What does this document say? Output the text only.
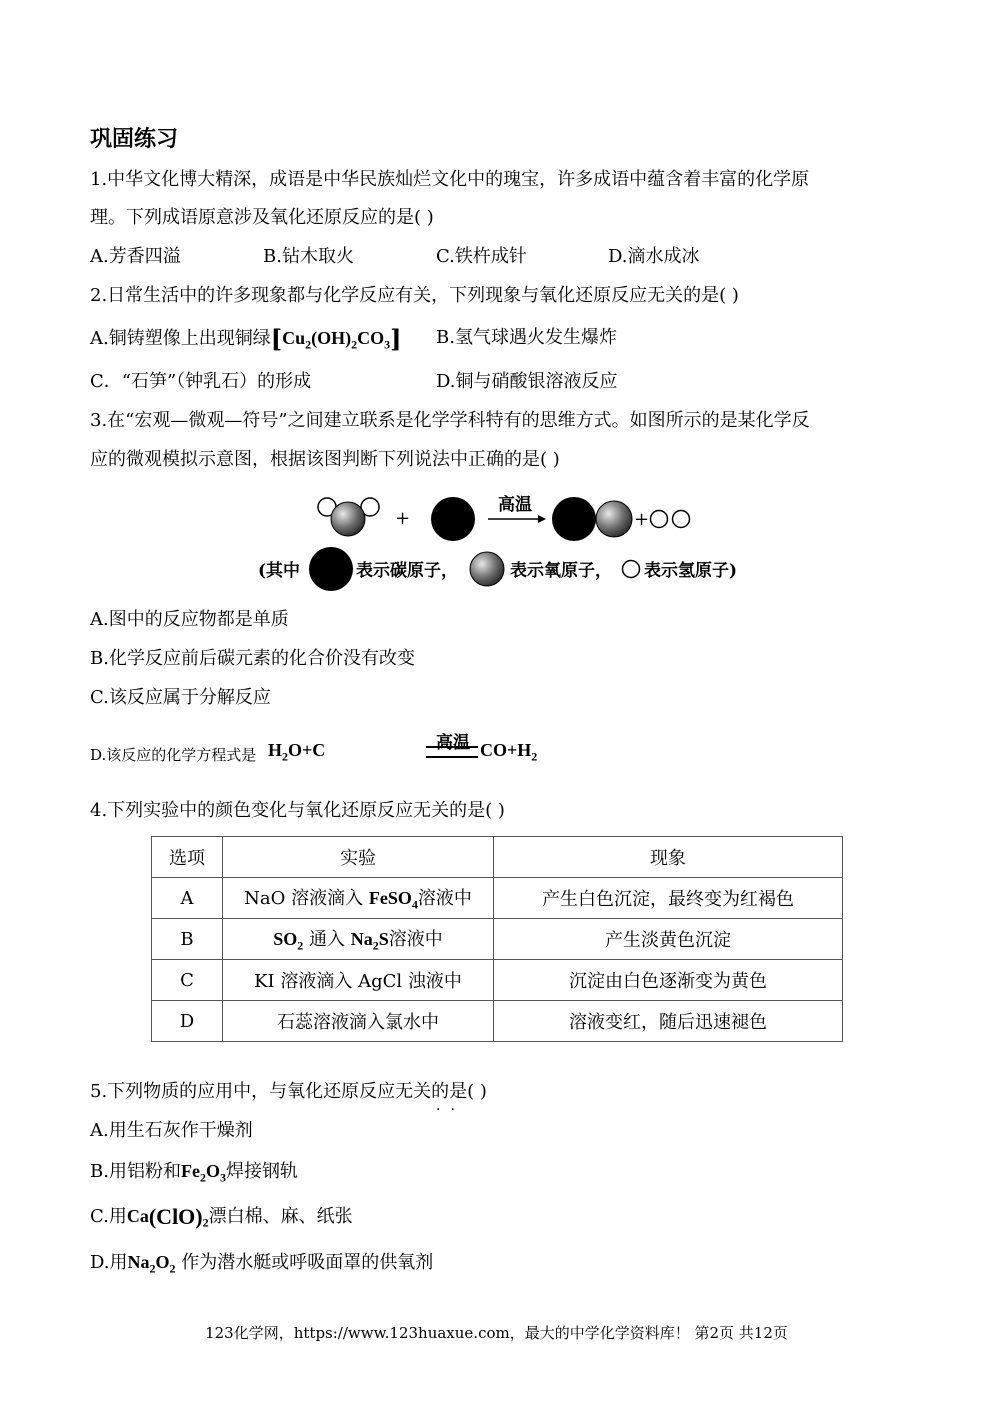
巩固练习
1.中华文化博大精深，成语是中华民族灿烂文化中的瑰宝，许多成语中蕴含着丰富的化学原
理。下列成语原意涉及氧化还原反应的是( )
A.芳香四溢	B.钻木取火	C.铁杵成针	D.滴水成冰
2.日常生活中的许多现象都与化学反应有关，下列现象与氧化还原反应无关的是( )
A.铜铸塑像上出现铜绿$[Cu_2(OH)_2CO_3]$ B.氢气球遇火发生爆炸
C．“石笋”（钟乳石）的形成	D.铜与硝酸银溶液反应
3.在“宏观—微观—符号”之间建立联系是化学学科特有的思维方式。如图所示的是某化学反
应的微观模拟示意图，根据该图判断下列说法中正确的是( )
+
高温
+
(其中	表示碳原子，	表示氧原子， 表示氢原子)
A.图中的反应物都是单质
B.化学反应前后碳元素的化合价没有改变
C.该反应属于分解反应
D.该反应的化学方程式是 $H_2O+C$	高温 $CO+H_2$
4.下列实验中的颜色变化与氧化还原反应无关的是( )
选项	实验	现象
A	NaO 溶液滴入 FeSO$_4$溶液中	产生白色沉淀，最终变为红褐色
B	$SO_2$ 通入 $Na_2S$溶液中	产生淡黄色沉淀
C	KI 溶液滴入 AgCl 浊液中	沉淀由白色逐渐变为黄色
D	石蕊溶液滴入氯水中	溶液变红，随后迅速褪色
5.下列物质的应用中，与氧化还原反应无关的是( )
··
A.用生石灰作干燥剂
B.用铝粉和$Fe_2O_3$焊接钢轨
C.用$Ca(ClO)_2$漂白棉、麻、纸张
D.用$Na_2O_2$ 作为潜水艇或呼吸面罩的供氧剂
123化学网，https://www.123huaxue.com，最大的中学化学资料库！ 第2页 共12页
